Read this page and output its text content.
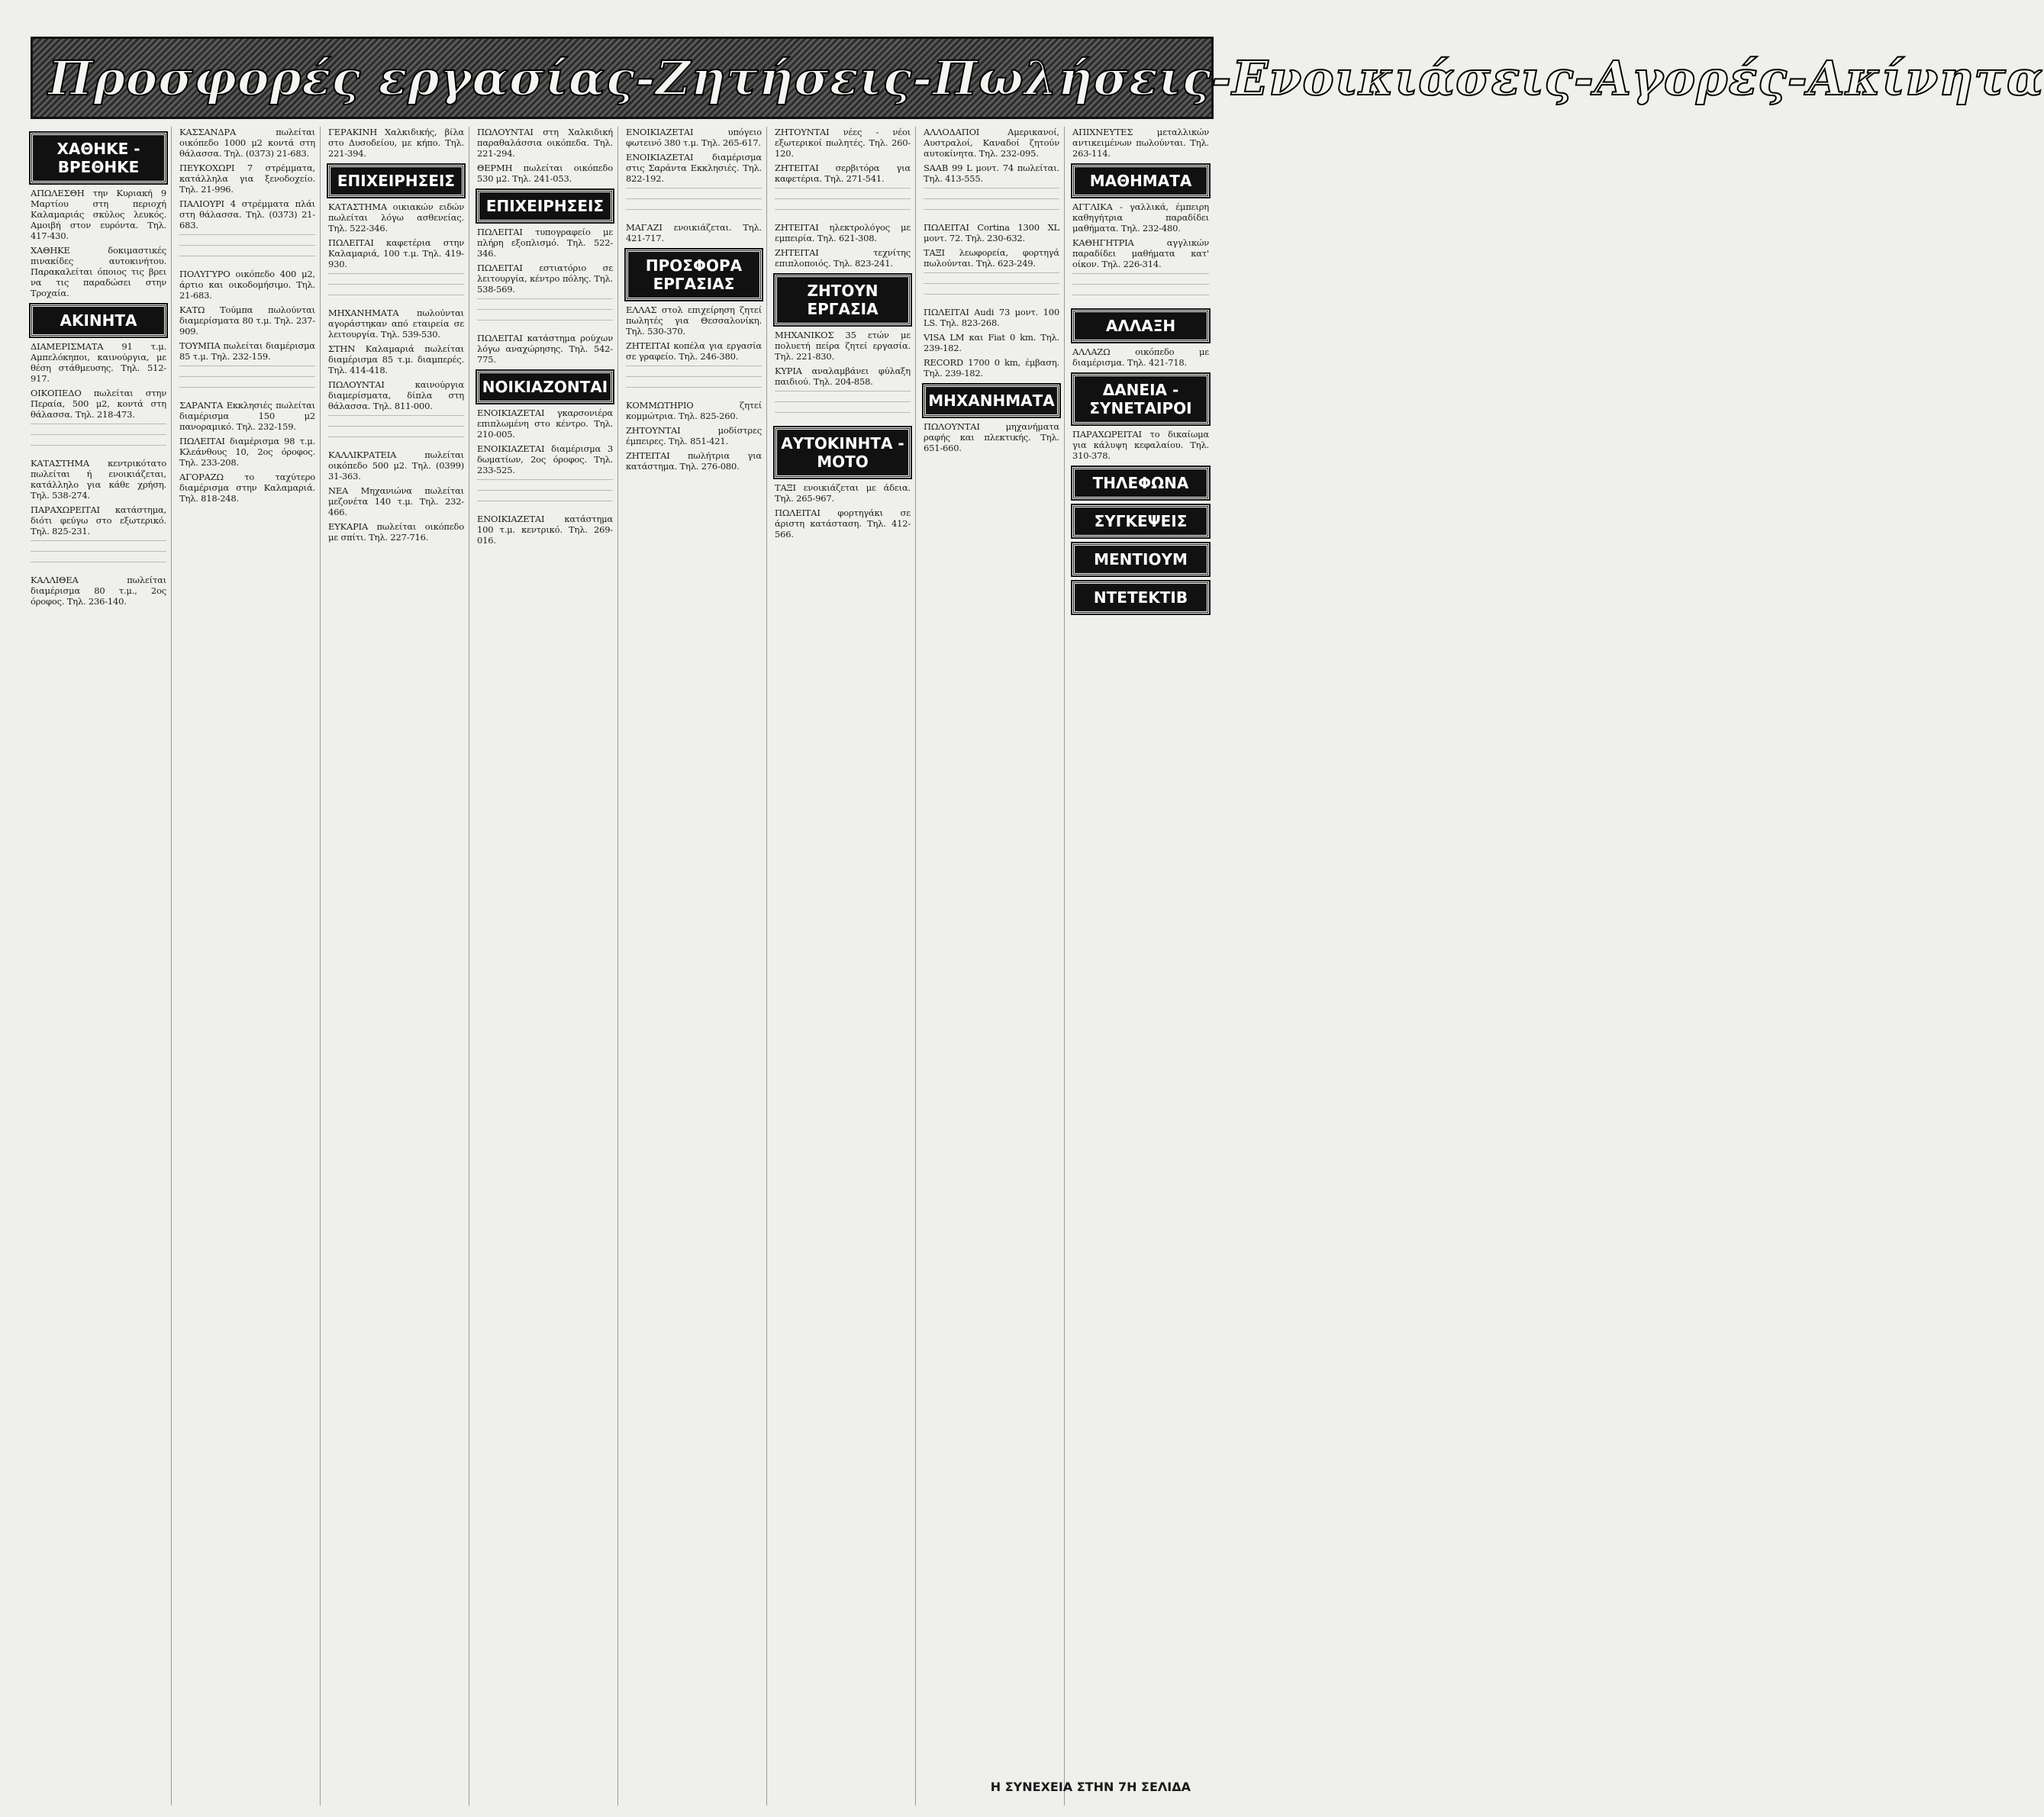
Προσφορές εργασίας-Ζητήσεις-Πωλήσεις-Ενοικιάσεις-Αγορές-Ακίνητα
ΧΑΘΗΚΕ - ΒΡΕΘΗΚΕ

ΑΠΩΛΕΣΘΗ την Κυριακή 9 Μαρτίου στη περιοχή Καλαμαριάς σκύλος λευκός. Αμοιβή στον ευρόντα. Τηλ. 417-430.

ΧΑΘΗΚΕ δοκιμαστικές πινακίδες αυτοκινήτου. Παρακαλείται όποιος τις βρει να τις παραδώσει στην Τροχαία.

ΑΚΙΝΗΤΑ

ΔΙΑΜΕΡΙΣΜΑΤΑ 91 τ.μ. Αμπελόκηποι, καινούργια, με θέση στάθμευσης. Τηλ. 512-917.

ΟΙΚΟΠΕΔΟ πωλείται στην Περαία, 500 μ2, κοντά στη θάλασσα. Τηλ. 218-473.

ΚΑΤΑΣΤΗΜΑ κεντρικότατο πωλείται ή ενοικιάζεται, κατάλληλο για κάθε χρήση. Τηλ. 538-274.

ΠΑΡΑΧΩΡΕΙΤΑΙ κατάστημα, διότι φεύγω στο εξωτερικό. Τηλ. 825-231.

ΚΑΛΛΙΘΕΑ πωλείται διαμέρισμα 80 τ.μ., 2ος όροφος. Τηλ. 236-140.

ΚΑΣΣΑΝΔΡΑ πωλείται οικόπεδο 1000 μ2 κοντά στη θάλασσα. Τηλ. (0373) 21-683.

ΠΕΥΚΟΧΩΡΙ 7 στρέμματα, κατάλληλα για ξενοδοχείο. Τηλ. 21-996.

ΠΑΛΙΟΥΡΙ 4 στρέμματα πλάι στη θάλασσα. Τηλ. (0373) 21-683.

ΠΟΛΥΓΥΡΟ οικόπεδο 400 μ2, άρτιο και οικοδομήσιμο. Τηλ. 21-683.

ΚΑΤΩ Τούμπα πωλούνται διαμερίσματα 80 τ.μ. Τηλ. 237-909.

ΤΟΥΜΠΑ πωλείται διαμέρισμα 85 τ.μ. Τηλ. 232-159.

ΣΑΡΑΝΤΑ Εκκλησιές πωλείται διαμέρισμα 150 μ2 πανοραμικό. Τηλ. 232-159.

ΠΩΛΕΙΤΑΙ διαμέρισμα 98 τ.μ. Κλεάνθους 10, 2ος όροφος. Τηλ. 233-208.

ΑΓΟΡΑΖΩ το ταχύτερο διαμέρισμα στην Καλαμαριά. Τηλ. 818-248.

ΓΕΡΑΚΙΝΗ Χαλκιδικής, βίλα στο Δυσοδείου, με κήπο. Τηλ. 221-394.

ΕΠΙΧΕΙΡΗΣΕΙΣ

ΚΑΤΑΣΤΗΜΑ οικιακών ειδών πωλείται λόγω ασθενείας. Τηλ. 522-346.

ΠΩΛΕΙΤΑΙ καφετέρια στην Καλαμαριά, 100 τ.μ. Τηλ. 419-930.

ΜΗΧΑΝΗΜΑΤΑ πωλούνται αγοράστηκαν από εταιρεία σε λειτουργία. Τηλ. 539-530.

ΣΤΗΝ Καλαμαριά πωλείται διαμέρισμα 85 τ.μ. διαμπερές. Τηλ. 414-418.

ΠΩΛΟΥΝΤΑΙ καινούργια διαμερίσματα, δίπλα στη θάλασσα. Τηλ. 811-000.

ΚΑΛΛΙΚΡΑΤΕΙΑ πωλείται οικόπεδο 500 μ2. Τηλ. (0399) 31-363.

ΝΕΑ Μηχανιώνα πωλείται μεζονέτα 140 τ.μ. Τηλ. 232-466.

ΕΥΚΑΡΙΑ πωλείται οικόπεδο με σπίτι. Τηλ. 227-716.

ΠΩΛΟΥΝΤΑΙ στη Χαλκιδική παραθαλάσσια οικόπεδα. Τηλ. 221-294.

ΘΕΡΜΗ πωλείται οικόπεδο 530 μ2. Τηλ. 241-053.

ΕΠΙΧΕΙΡΗΣΕΙΣ

ΠΩΛΕΙΤΑΙ τυπογραφείο με πλήρη εξοπλισμό. Τηλ. 522-346.

ΠΩΛΕΙΤΑΙ εστιατόριο σε λειτουργία, κέντρο πόλης. Τηλ. 538-569.

ΠΩΛΕΙΤΑΙ κατάστημα ρούχων λόγω αναχώρησης. Τηλ. 542-775.

ΝΟΙΚΙΑΖΟΝΤΑΙ

ΕΝΟΙΚΙΑΖΕΤΑΙ γκαρσονιέρα επιπλωμένη στο κέντρο. Τηλ. 210-005.

ΕΝΟΙΚΙΑΖΕΤΑΙ διαμέρισμα 3 δωματίων, 2ος όροφος. Τηλ. 233-525.

ΕΝΟΙΚΙΑΖΕΤΑΙ κατάστημα 100 τ.μ. κεντρικό. Τηλ. 269-016.

ΕΝΟΙΚΙΑΖΕΤΑΙ υπόγειο φωτεινό 380 τ.μ. Τηλ. 265-617.

ΕΝΟΙΚΙΑΖΕΤΑΙ διαμέρισμα στις Σαράντα Εκκλησιές. Τηλ. 822-192.

ΜΑΓΑΖΙ ενοικιάζεται. Τηλ. 421-717.

ΠΡΟΣΦΟΡΑ ΕΡΓΑΣΙΑΣ

ΕΛΛΑΣ στολ επιχείρηση ζητεί πωλητές για Θεσσαλονίκη. Τηλ. 530-370.

ΖΗΤΕΙΤΑΙ κοπέλα για εργασία σε γραφείο. Τηλ. 246-380.

ΚΟΜΜΩΤΗΡΙΟ ζητεί κομμώτρια. Τηλ. 825-260.

ΖΗΤΟΥΝΤΑΙ μοδίστρες έμπειρες. Τηλ. 851-421.

ΖΗΤΕΙΤΑΙ πωλήτρια για κατάστημα. Τηλ. 276-080.

ΖΗΤΟΥΝΤΑΙ νέες - νέοι εξωτερικοί πωλητές. Τηλ. 260-120.

ΖΗΤΕΙΤΑΙ σερβιτόρα για καφετέρια. Τηλ. 271-541.

ΖΗΤΕΙΤΑΙ ηλεκτρολόγος με εμπειρία. Τηλ. 621-308.

ΖΗΤΕΙΤΑΙ τεχνίτης επιπλοποιός. Τηλ. 823-241.

ΖΗΤΟΥΝ ΕΡΓΑΣΙΑ

ΜΗΧΑΝΙΚΟΣ 35 ετών με πολυετή πείρα ζητεί εργασία. Τηλ. 221-830.

ΚΥΡΙΑ αναλαμβάνει φύλαξη παιδιού. Τηλ. 204-858.

ΑΥΤΟΚΙΝΗΤΑ - ΜΟΤΟ

ΤΑΞΙ ενοικιάζεται με άδεια. Τηλ. 265-967.

ΠΩΛΕΙΤΑΙ φορτηγάκι σε άριστη κατάσταση. Τηλ. 412-566.

ΑΛΛΟΔΑΠΟΙ Αμερικανοί, Αυστραλοί, Καναδοί ζητούν αυτοκίνητα. Τηλ. 232-095.

SAAB 99 L μοντ. 74 πωλείται. Τηλ. 413-555.

ΠΩΛΕΙΤΑΙ Cortina 1300 XL μοντ. 72. Τηλ. 230-632.

ΤΑΞΙ λεωφορεία, φορτηγά πωλούνται. Τηλ. 623-249.

ΠΩΛΕΙΤΑΙ Audi 73 μοντ. 100 LS. Τηλ. 823-268.

VISA LM και Fiat 0 km. Τηλ. 239-182.

RECORD 1700 0 km, έμβαση. Τηλ. 239-182.

ΜΗΧΑΝΗΜΑΤΑ

ΠΩΛΟΥΝΤΑΙ μηχανήματα ραφής και πλεκτικής. Τηλ. 651-660.

ΑΠΙΧΝΕΥΤΕΣ μεταλλικών αντικειμένων πωλούνται. Τηλ. 263-114.

ΜΑΘΗΜΑΤΑ

ΑΓΓΛΙΚΑ - γαλλικά, έμπειρη καθηγήτρια παραδίδει μαθήματα. Τηλ. 232-480.

ΚΑΘΗΓΗΤΡΙΑ αγγλικών παραδίδει μαθήματα κατ' οίκον. Τηλ. 226-314.

ΑΛΛΑΞΗ

ΑΛΛΑΖΩ οικόπεδο με διαμέρισμα. Τηλ. 421-718.

ΔΑΝΕΙΑ - ΣΥΝΕΤΑΙΡΟΙ

ΠΑΡΑΧΩΡΕΙΤΑΙ το δικαίωμα για κάλυψη κεφαλαίου. Τηλ. 310-378.

ΤΗΛΕΦΩΝΑ
ΣΥΓΚΕΨΕΙΣ
ΜΕΝΤΙΟΥΜ
ΝΤΕΤΕΚΤΙΒ
Η ΣΥΝΕΧΕΙΑ ΣΤΗΝ 7Η ΣΕΛΙΔΑ
